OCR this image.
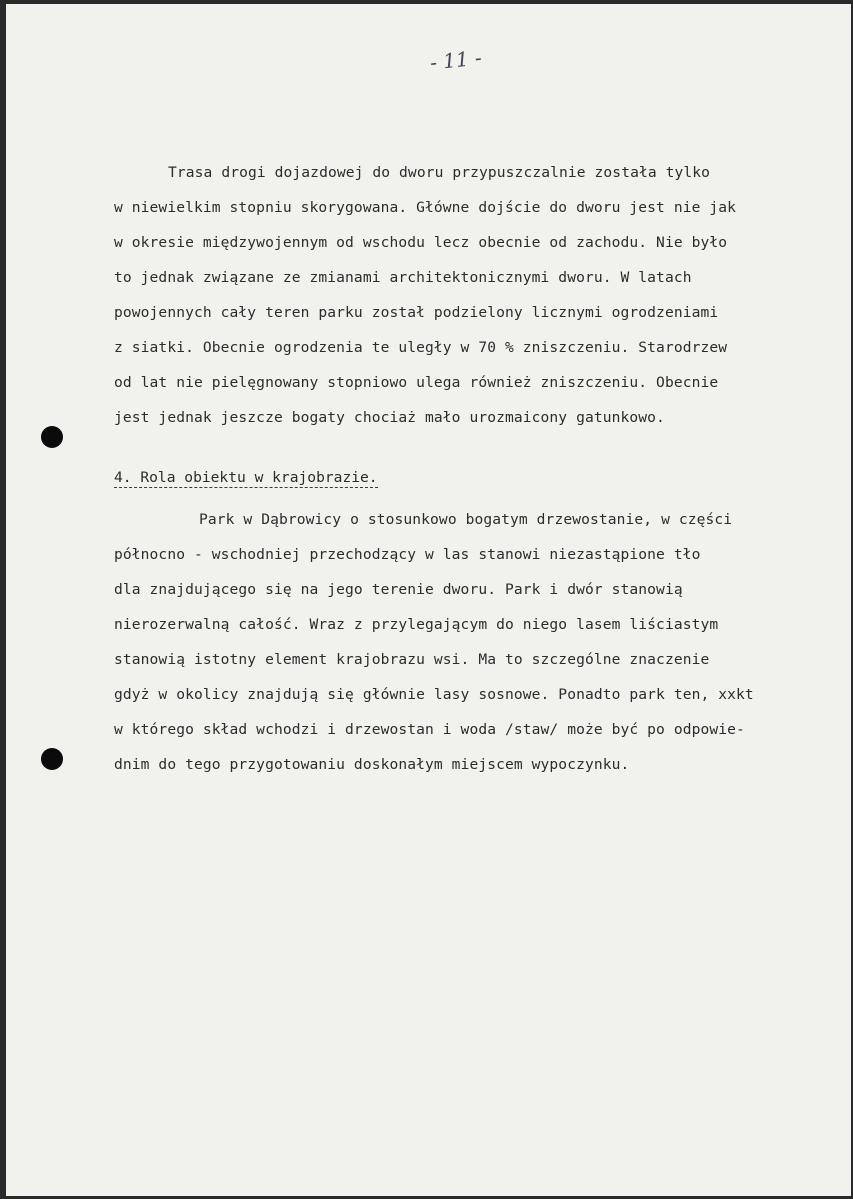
- 11 -
Trasa drogi dojazdowej do dworu przypuszczalnie została tylko
w niewielkim stopniu skorygowana. Główne dojście do dworu jest nie jak
w okresie międzywojennym od wschodu lecz obecnie od zachodu. Nie było
to jednak związane ze zmianami architektonicznymi dworu. W latach
powojennych cały teren parku został podzielony licznymi ogrodzeniami
z siatki. Obecnie ogrodzenia te uległy w 70 % zniszczeniu. Starodrzew
od lat nie pielęgnowany stopniowo ulega również zniszczeniu. Obecnie
jest jednak jeszcze bogaty chociaż mało urozmaicony gatunkowo.
4. Rola obiektu w krajobrazie.
Park w Dąbrowicy o stosunkowo bogatym drzewostanie, w części
północno - wschodniej przechodzący w las stanowi niezastąpione tło
dla znajdującego się na jego terenie dworu. Park i dwór stanowią
nierozerwalną całość. Wraz z przylegającym do niego lasem liściastym
stanowią istotny element krajobrazu wsi. Ma to szczególne znaczenie
gdyż w okolicy znajdują się głównie lasy sosnowe. Ponadto park ten, xxkt
w którego skład wchodzi i drzewostan i woda /staw/ może być po odpowie-
dnim do tego przygotowaniu doskonałym miejscem wypoczynku.
